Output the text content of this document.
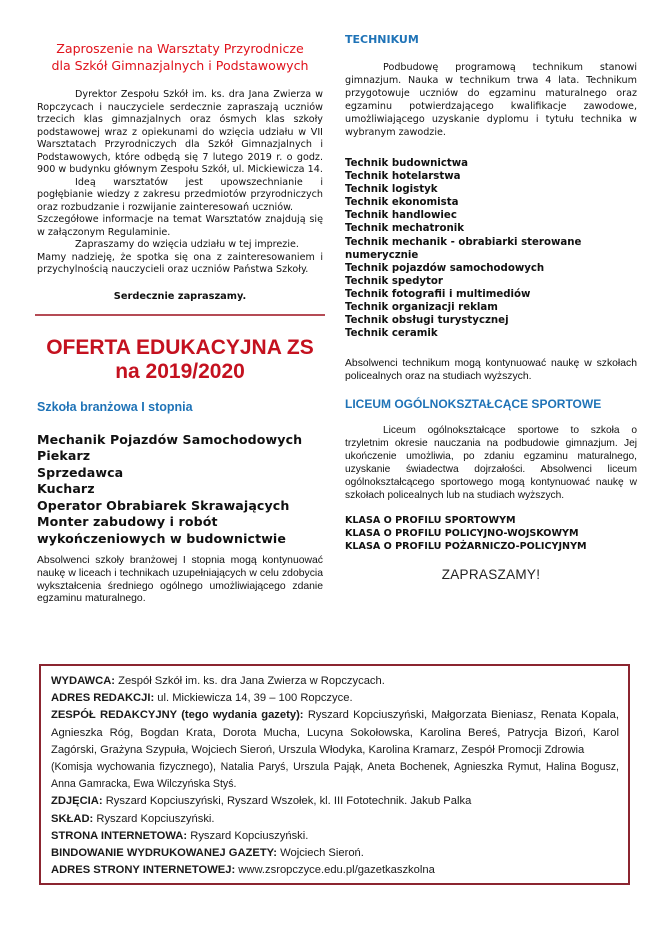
Zaproszenie na Warsztaty Przyrodnicze
dla Szkół Gimnazjalnych i Podstawowych

Dyrektor Zespołu Szkół im. ks. dra Jana Zwierza w Ropczycach i nauczyciele serdecznie zapraszają uczniów trzecich klas gimnazjalnych oraz ósmych klas szkoły podstawowej wraz z opiekunami do wzięcia udziału w VII Warsztatach Przyrodniczych dla Szkół Gimnazjalnych i Podstawowych, które odbędą się 7 lutego 2019 r. o godz. 900 w budynku głównym Zespołu Szkół, ul. Mickiewicza 14.

Ideą warsztatów jest upowszechnianie i pogłębianie wiedzy z zakresu przedmiotów przyrodniczych oraz rozbudzanie i rozwijanie zainteresowań uczniów.

Szczegółowe informacje na temat Warsztatów znajdują się w załączonym Regulaminie.

Zapraszamy do wzięcia udziału w tej imprezie.

Mamy nadzieję, że spotka się ona z zainteresowaniem i przychylnością nauczycieli oraz uczniów Państwa Szkoły.

Serdecznie zapraszamy.
OFERTA EDUKACYJNA ZS
na 2019/2020
Szkoła branżowa I stopnia
Mechanik Pojazdów Samochodowych
Piekarz
Sprzedawca
Kucharz
Operator Obrabiarek Skrawających
Monter zabudowy i robót wykończeniowych w budownictwie
Absolwenci szkoły branżowej I stopnia mogą kontynuować naukę w liceach i technikach uzupełniających w celu zdobycia wykształcenia średniego ogólnego umożliwiającego zdanie egzaminu maturalnego.
TECHNIKUM

Podbudowę programową technikum stanowi gimnazjum. Nauka w technikum trwa 4 lata. Technikum przygotowuje uczniów do egzaminu maturalnego oraz egzaminu potwierdzającego kwalifikacje zawodowe, umożliwiającego uzyskanie dyplomu i tytułu technika w wybranym zawodzie.

Technik budownictwa
Technik hotelarstwa
Technik logistyk
Technik ekonomista
Technik handlowiec
Technik mechatronik
Technik mechanik - obrabiarki sterowane numerycznie
Technik pojazdów samochodowych
Technik spedytor
Technik fotografii i multimediów
Technik organizacji reklam
Technik obsługi turystycznej
Technik ceramik
Absolwenci technikum mogą kontynuować naukę w szkołach policealnych oraz na studiach wyższych.
LICEUM OGÓLNOKSZTAŁCĄCE SPORTOWE

Liceum ogólnokształcące sportowe to szkoła o trzyletnim okresie nauczania na podbudowie gimnazjum. Jej ukończenie umożliwia, po zdaniu egzaminu maturalnego, uzyskanie świadectwa dojrzałości. Absolwenci liceum ogólnokształcącego sportowego mogą kontynuować naukę w szkołach policealnych lub na studiach wyższych.

KLASA O PROFILU SPORTOWYM
KLASA O PROFILU POLICYJNO-WOJSKOWYM
KLASA O PROFILU POŻARNICZO-POLICYJNYM
ZAPRASZAMY!
WYDAWCA: Zespół Szkół im. ks. dra Jana Zwierza w Ropczycach.
ADRES REDAKCJI: ul. Mickiewicza 14, 39 – 100 Ropczyce.
ZESPÓŁ REDAKCYJNY (tego wydania gazety): Ryszard Kopciuszyński, Małgorzata Bieniasz, Renata Kopala, Agnieszka Róg, Bogdan Krata, Dorota Mucha, Lucyna Sokołowska, Karolina Bereś, Patrycja Bizoń, Karol Zagórski, Grażyna Szypuła, Wojciech Sieroń, Urszula Włodyka, Karolina Kramarz, Zespół Promocji Zdrowia
(Komisja wychowania fizycznego), Natalia Paryś, Urszula Pająk, Aneta Bochenek, Agnieszka Rymut, Halina Bogusz, Anna Gamracka, Ewa Wilczyńska Styś.
ZDJĘCIA: Ryszard Kopciuszyński, Ryszard Wszołek, kl. III Fototechnik. Jakub Palka
SKŁAD: Ryszard Kopciuszyński.
STRONA INTERNETOWA: Ryszard Kopciuszyński.
BINDOWANIE WYDRUKOWANEJ GAZETY: Wojciech Sieroń.
ADRES STRONY INTERNETOWEJ: www.zsropczyce.edu.pl/gazetkaszkolna
